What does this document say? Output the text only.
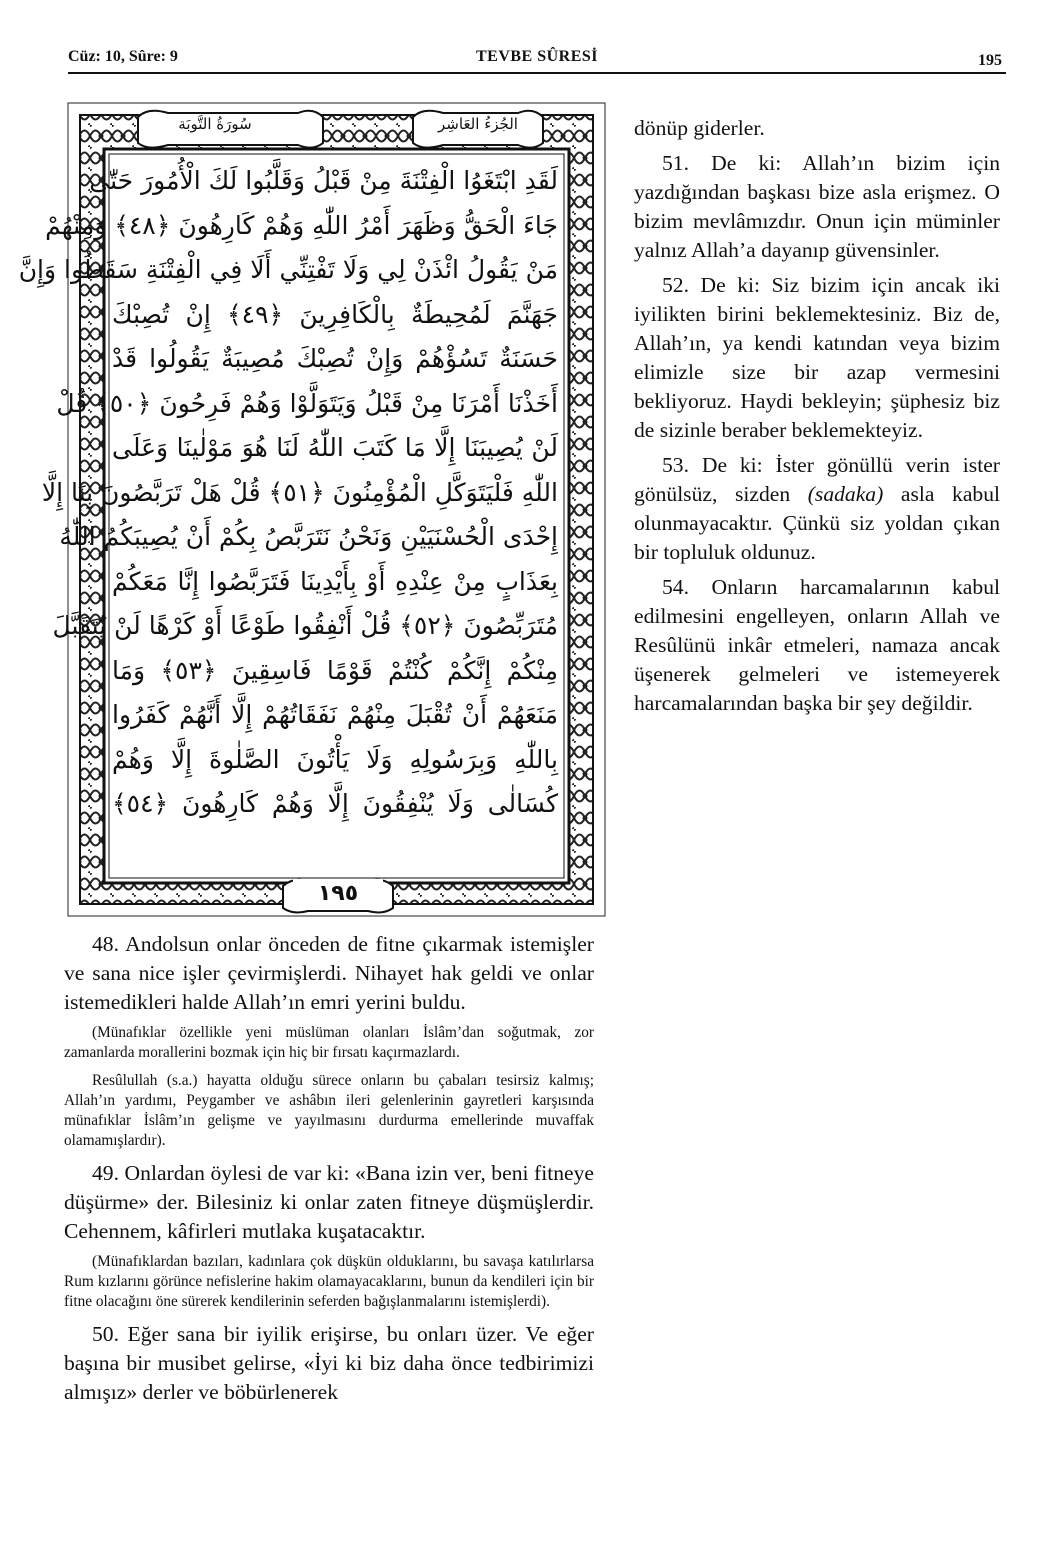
Cüz: 10, Sûre: 9	TEVBE SÛRESİ	195
سُورَةُ التَّوبَة	الجُزءُ العَاشِر
لَقَدِ ابْتَغَوُا الْفِتْنَةَ مِنْ قَبْلُ وَقَلَّبُوا لَكَ الْأُمُورَ حَتّٰى
جَاءَ الْحَقُّ وَظَهَرَ أَمْرُ اللّٰهِ وَهُمْ كَارِهُونَ ﴿٤٨﴾ وَمِنْهُمْ
مَنْ يَقُولُ ائْذَنْ لِي وَلَا تَفْتِنِّي أَلَا فِي الْفِتْنَةِ سَقَطُوا وَإِنَّ
جَهَنَّمَ لَمُحِيطَةٌ بِالْكَافِرِينَ ﴿٤٩﴾ إِنْ تُصِبْكَ
حَسَنَةٌ تَسُؤْهُمْ وَإِنْ تُصِبْكَ مُصِيبَةٌ يَقُولُوا قَدْ
أَخَذْنَا أَمْرَنَا مِنْ قَبْلُ وَيَتَوَلَّوْا وَهُمْ فَرِحُونَ ﴿٥٠﴾ قُلْ
لَنْ يُصِيبَنَا إِلَّا مَا كَتَبَ اللّٰهُ لَنَا هُوَ مَوْلٰينَا وَعَلَى
اللّٰهِ فَلْيَتَوَكَّلِ الْمُؤْمِنُونَ ﴿٥١﴾ قُلْ هَلْ تَرَبَّصُونَ بِنَا إِلَّا
إِحْدَى الْحُسْنَيَيْنِ وَنَحْنُ نَتَرَبَّصُ بِكُمْ أَنْ يُصِيبَكُمُ اللّٰهُ
بِعَذَابٍ مِنْ عِنْدِهِ أَوْ بِأَيْدِينَا فَتَرَبَّصُوا إِنَّا مَعَكُمْ
مُتَرَبِّصُونَ ﴿٥٢﴾ قُلْ أَنْفِقُوا طَوْعًا أَوْ كَرْهًا لَنْ يُتَقَبَّلَ
مِنْكُمْ إِنَّكُمْ كُنْتُمْ قَوْمًا فَاسِقِينَ ﴿٥٣﴾ وَمَا
مَنَعَهُمْ أَنْ تُقْبَلَ مِنْهُمْ نَفَقَاتُهُمْ إِلَّا أَنَّهُمْ كَفَرُوا
بِاللّٰهِ وَبِرَسُولِهِ وَلَا يَأْتُونَ الصَّلٰوةَ إِلَّا وَهُمْ
كُسَالٰى وَلَا يُنْفِقُونَ إِلَّا وَهُمْ كَارِهُونَ ﴿٥٤﴾
١٩٥

dönüp giderler.

51. De ki: Allah’ın bizim için yazdığından başkası bize asla erişmez. O bizim mevlâmızdır. Onun için müminler yalnız Allah’a dayanıp güvensinler.

52. De ki: Siz bizim için ancak iki iyilikten birini beklemektesiniz. Biz de, Allah’ın, ya kendi katından veya bizim elimizle size bir azap vermesini bekliyoruz. Haydi bekleyin; şüphesiz biz de sizinle beraber beklemekteyiz.

53. De ki: İster gönüllü verin ister gönülsüz, sizden (sadaka) asla kabul olunmayacaktır. Çünkü siz yoldan çıkan bir topluluk oldunuz.

54. Onların harcamalarının kabul edilmesini engelleyen, onların Allah ve Resûlünü inkâr etmeleri, namaza ancak üşenerek gelmeleri ve istemeyerek harcamalarından başka bir şey değildir.

48. Andolsun onlar önceden de fitne çıkarmak istemişler ve sana nice işler çevirmişlerdi. Nihayet hak geldi ve onlar istemedikleri halde Allah’ın emri yerini buldu.

(Münafıklar özellikle yeni müslüman olanları İslâm’dan soğutmak, zor zamanlarda morallerini bozmak için hiç bir fırsatı kaçırmazlardı.

Resûlullah (s.a.) hayatta olduğu sürece onların bu çabaları tesirsiz kalmış; Allah’ın yardımı, Peygamber ve ashâbın ileri gelenlerinin gayretleri karşısında münafıklar İslâm’ın gelişme ve yayılmasını durdurma emellerinde muvaffak olamamışlardır).

49. Onlardan öylesi de var ki: «Bana izin ver, beni fitneye düşürme» der. Bilesiniz ki onlar zaten fitneye düşmüşlerdir. Cehennem, kâfirleri mutlaka kuşatacaktır.

(Münafıklardan bazıları, kadınlara çok düşkün olduklarını, bu savaşa katılırlarsa Rum kızlarını görünce nefislerine hakim olamayacaklarını, bunun da kendileri için bir fitne olacağını öne sürerek kendilerinin seferden bağışlanmalarını istemişlerdi).

50. Eğer sana bir iyilik erişirse, bu onları üzer. Ve eğer başına bir musibet gelirse, «İyi ki biz daha önce tedbirimizi almışız» derler ve böbürlenerek
